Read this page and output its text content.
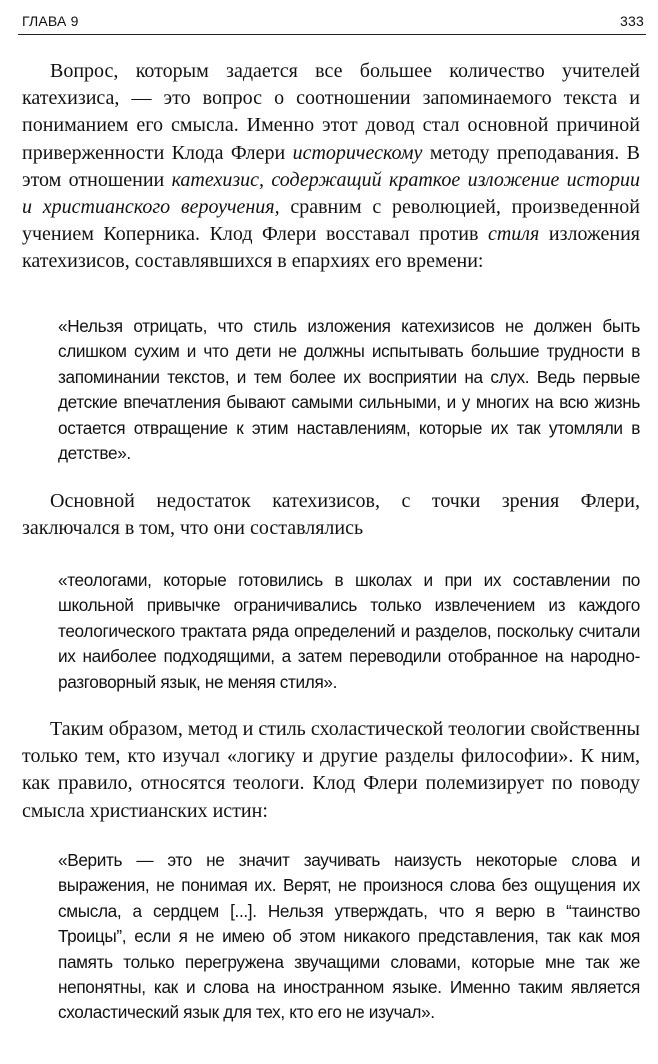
ГЛАВА 9	333

Вопрос, которым задается все большее количество учителей катехизиса, — это вопрос о соотношении запоминаемого текста и пониманием его смысла. Именно этот довод стал основной причиной приверженности Клода Флери историческому методу преподавания. В этом отношении катехизис, содержащий краткое изложение истории и христианского вероучения, сравним с революцией, произведенной учением Коперника. Клод Флери восставал против стиля изложения катехизисов, составлявшихся в епархиях его времени:

«Нельзя отрицать, что стиль изложения катехизисов не должен быть слишком сухим и что дети не должны испытывать большие трудности в запоминании текстов, и тем более их восприятии на слух. Ведь первые детские впечатления бывают самыми сильными, и у многих на всю жизнь остается отвращение к этим наставлениям, которые их так утомляли в детстве».

Основной недостаток катехизисов, с точки зрения Флери, заключался в том, что они составлялись

«теологами, которые готовились в школах и при их составлении по школьной привычке ограничивались только извлечением из каждого теологического трактата ряда определений и разделов, поскольку считали их наиболее подходящими, а затем переводили отобранное на народно-разговорный язык, не меняя стиля».

Таким образом, метод и стиль схоластической теологии свойственны только тем, кто изучал «логику и другие разделы философии». К ним, как правило, относятся теологи. Клод Флери полемизирует по поводу смысла христианских истин:

«Верить — это не значит заучивать наизусть некоторые слова и выражения, не понимая их. Верят, не произнося слова без ощущения их смысла, а сердцем [...]. Нельзя утверждать, что я верю в “таинство Троицы”, если я не имею об этом никакого представления, так как моя память только перегружена звучащими словами, которые мне так же непонятны, как и слова на иностранном языке. Именно таким является схоластический язык для тех, кто его не изучал».
